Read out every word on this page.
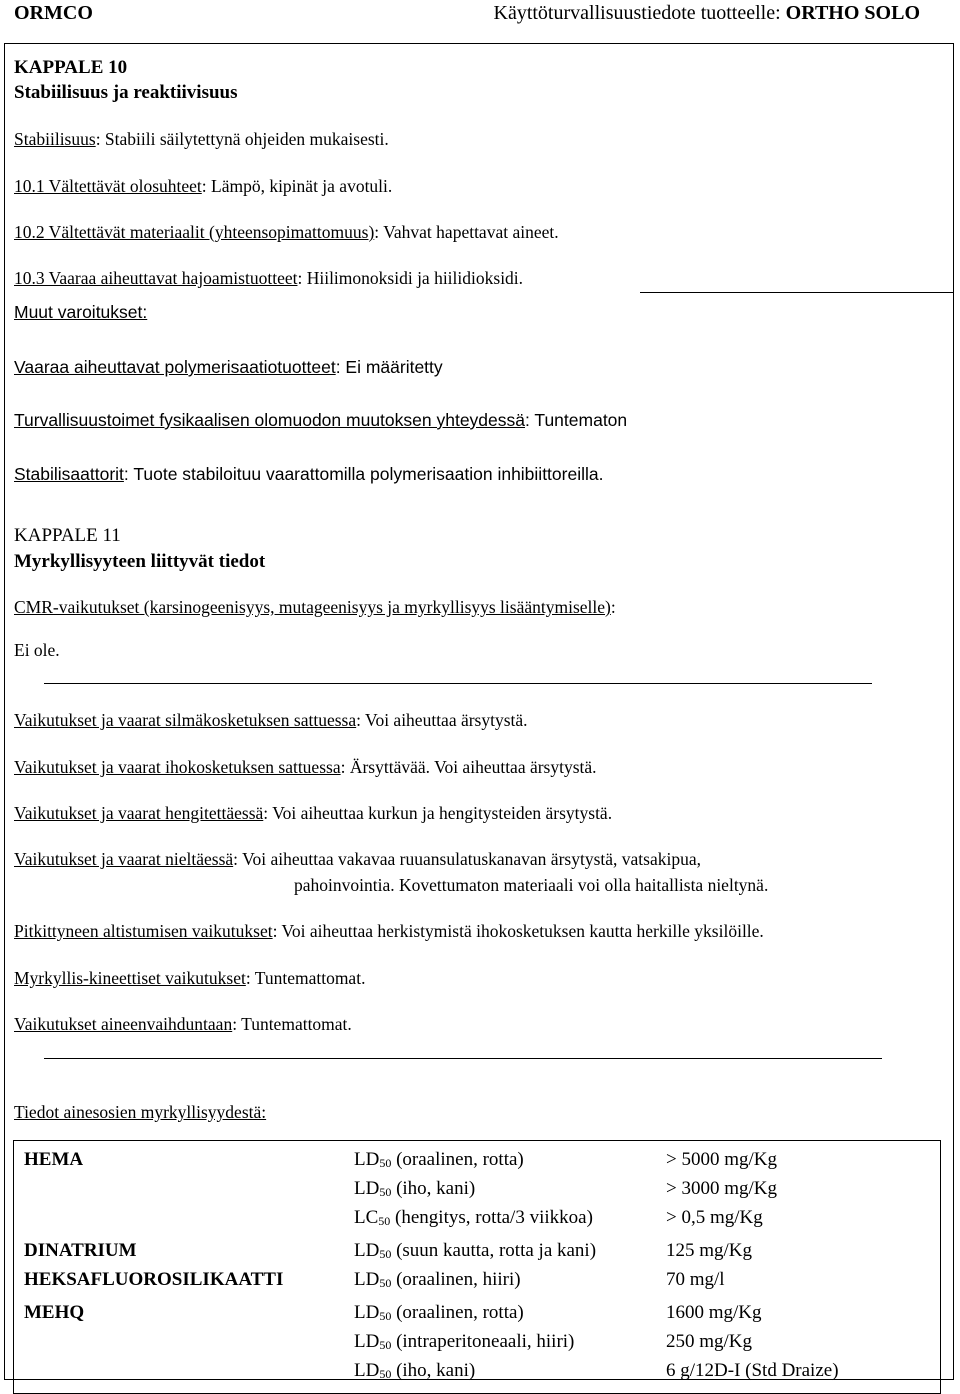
ORMCO	Käyttöturvallisuustiedote tuotteelle: ORTHO SOLO
KAPPALE 10
Stabiilisuus ja reaktiivisuus
Stabiilisuus: Stabiili säilytettynä ohjeiden mukaisesti.
10.1 Vältettävät olosuhteet: Lämpö, kipinät ja avotuli.
10.2 Vältettävät materiaalit (yhteensopimattomuus): Vahvat hapettavat aineet.
10.3 Vaaraa aiheuttavat hajoamistuotteet: Hiilimonoksidi ja hiilidioksidi.
Muut varoitukset:
Vaaraa aiheuttavat polymerisaatiotuotteet: Ei määritetty
Turvallisuustoimet fysikaalisen olomuodon muutoksen yhteydessä: Tuntematon
Stabilisaattorit: Tuote stabiloituu vaarattomilla polymerisaation inhibiittoreilla.
KAPPALE 11
Myrkyllisyyteen liittyvät tiedot
CMR-vaikutukset (karsinogeenisyys, mutageenisyys ja myrkyllisyys lisääntymiselle):
Ei ole.
Vaikutukset ja vaarat silmäkosketuksen sattuessa: Voi aiheuttaa ärsytystä.
Vaikutukset ja vaarat ihokosketuksen sattuessa: Ärsyttävää. Voi aiheuttaa ärsytystä.
Vaikutukset ja vaarat hengitettäessä: Voi aiheuttaa kurkun ja hengitysteiden ärsytystä.
Vaikutukset ja vaarat nieltäessä: Voi aiheuttaa vakavaa ruuansulatuskanavan ärsytystä, vatsakipua,
pahoinvointia. Kovettumaton materiaali voi olla haitallista nieltynä.
Pitkittyneen altistumisen vaikutukset: Voi aiheuttaa herkistymistä ihokosketuksen kautta herkille yksilöille.
Myrkyllis-kineettiset vaikutukset: Tuntemattomat.
Vaikutukset aineenvaihduntaan: Tuntemattomat.
Tiedot ainesosien myrkyllisyydestä:
HEMA	$LD_{50}$ (oraalinen, rotta)	> 5000 mg/Kg
	$LD_{50}$ (iho, kani)	> 3000 mg/Kg
	$LC_{50}$ (hengitys, rotta/3 viikkoa)	> 0,5 mg/Kg
DINATRIUM	$LD_{50}$ (suun kautta, rotta ja kani)	125 mg/Kg
HEKSAFLUOROSILIKAATTI	$LD_{50}$ (oraalinen, hiiri)	70 mg/l
MEHQ	$LD_{50}$ (oraalinen, rotta)	1600 mg/Kg
	$LD_{50}$ (intraperitoneaali, hiiri)	250 mg/Kg
	$LD_{50}$ (iho, kani)	6 g/12D-I (Std Draize)
